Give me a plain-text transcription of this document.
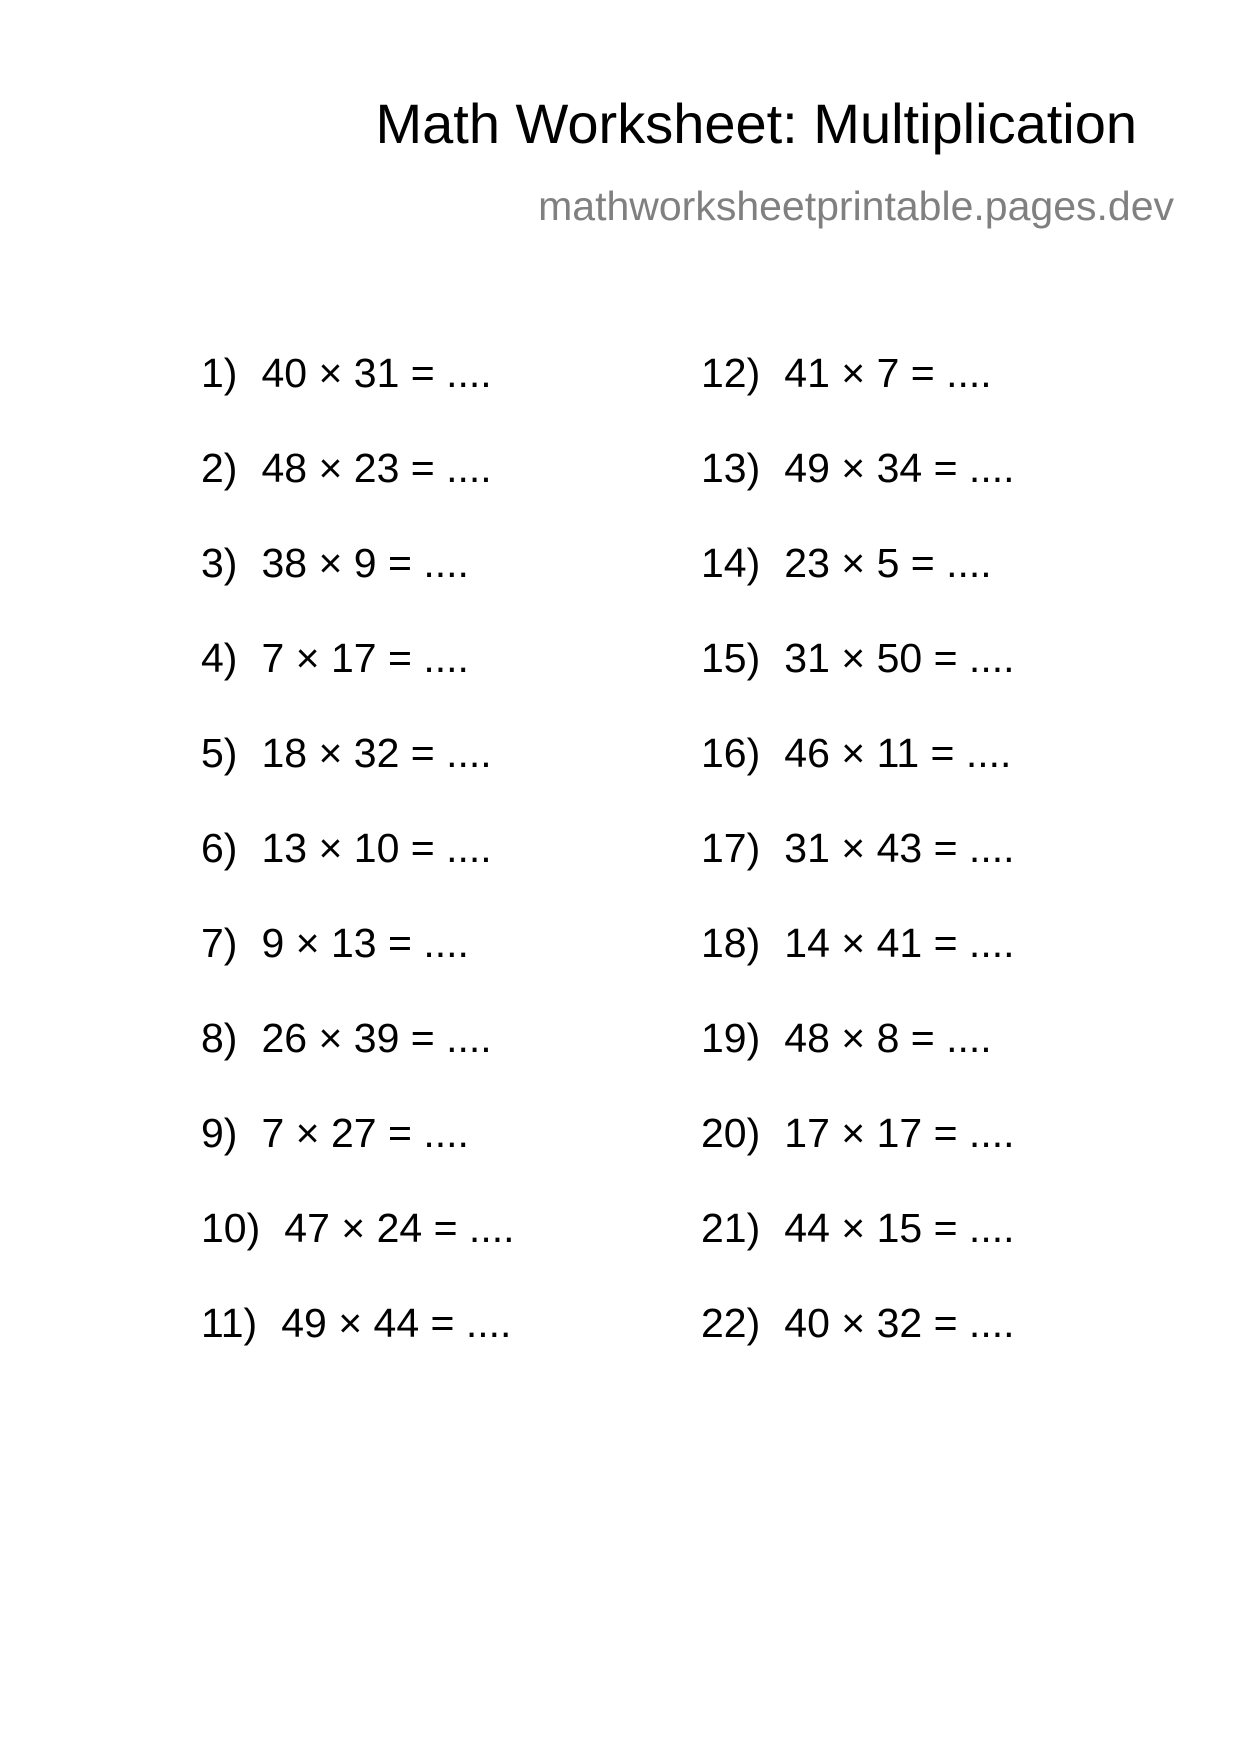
Math Worksheet: Multiplication
mathworksheetprintable.pages.dev
1) 40 × 31 = ....
2) 48 × 23 = ....
3) 38 × 9 = ....
4) 7 × 17 = ....
5) 18 × 32 = ....
6) 13 × 10 = ....
7) 9 × 13 = ....
8) 26 × 39 = ....
9) 7 × 27 = ....
10) 47 × 24 = ....
11) 49 × 44 = ....
12) 41 × 7 = ....
13) 49 × 34 = ....
14) 23 × 5 = ....
15) 31 × 50 = ....
16) 46 × 11 = ....
17) 31 × 43 = ....
18) 14 × 41 = ....
19) 48 × 8 = ....
20) 17 × 17 = ....
21) 44 × 15 = ....
22) 40 × 32 = ....
